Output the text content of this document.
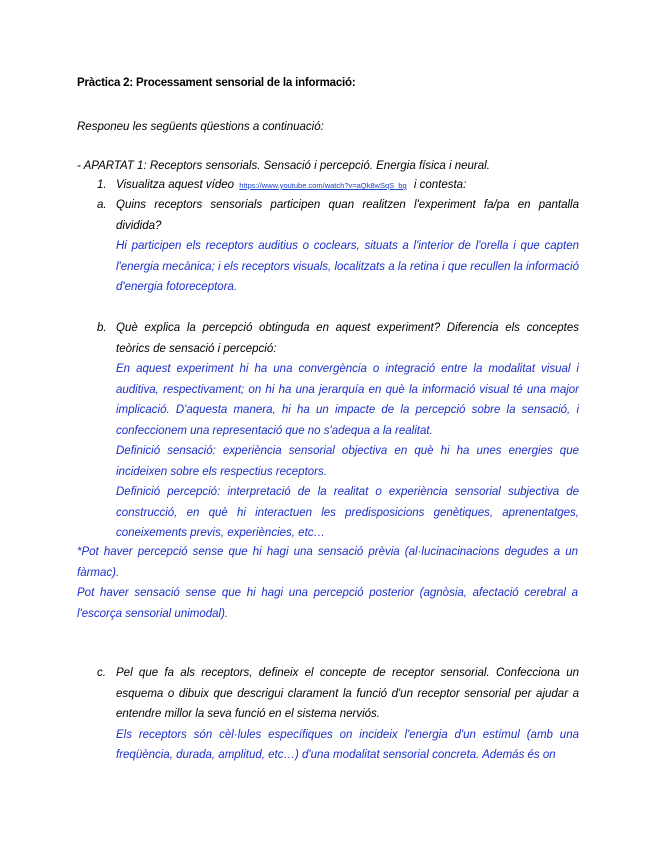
Pràctica 2: Processament sensorial de la informació:
Responeu les següents qüestions a continuació:
- APARTAT 1: Receptors sensorials. Sensació i percepció. Energia física i neural.
1. Visualitza aquest vídeo https://www.youtube.com/watch?v=aQk8wSqS_bg i contesta:
a. Quins receptors sensorials participen quan realitzen l'experiment fa/pa en pantalla dividida?

Hi participen els receptors auditius o coclears, situats a l'interior de l'orella i que capten l'energia mecànica; i els receptors visuals, localitzats a la retina i que recullen la informació d'energia fotoreceptora.

b. Què explica la percepció obtinguda en aquest experiment? Diferencia els conceptes teòrics de sensació i percepció:

En aquest experiment hi ha una convergència o integració entre la modalitat visual i auditiva, respectivament; on hi ha una jerarquía en què la informació visual té una major implicació. D'aquesta manera, hi ha un impacte de la percepció sobre la sensació, i confeccionem una representació que no s'adequa a la realitat.

Definició sensació: experiència sensorial objectiva en què hi ha unes energies que incideixen sobre els respectius receptors.

Definició percepció: interpretació de la realitat o experiència sensorial subjectiva de construcció, en què hi interactuen les predisposicions genètiques, aprenentatges, coneixements previs, experiències, etc…

*Pot haver percepció sense que hi hagi una sensació prèvia (al·lucinacinacions degudes a un fàrmac).

Pot haver sensació sense que hi hagi una percepció posterior (agnòsia, afectació cerebral a l'escorça sensorial unimodal).

c. Pel que fa als receptors, defineix el concepte de receptor sensorial. Confecciona un esquema o dibuix que descrigui clarament la funció d'un receptor sensorial per ajudar a entendre millor la seva funció en el sistema nerviós.

Els receptors són cèl·lules específiques on incideix l'energia d'un estímul (amb una freqüència, durada, amplitud, etc…) d'una modalitat sensorial concreta. Además és on
